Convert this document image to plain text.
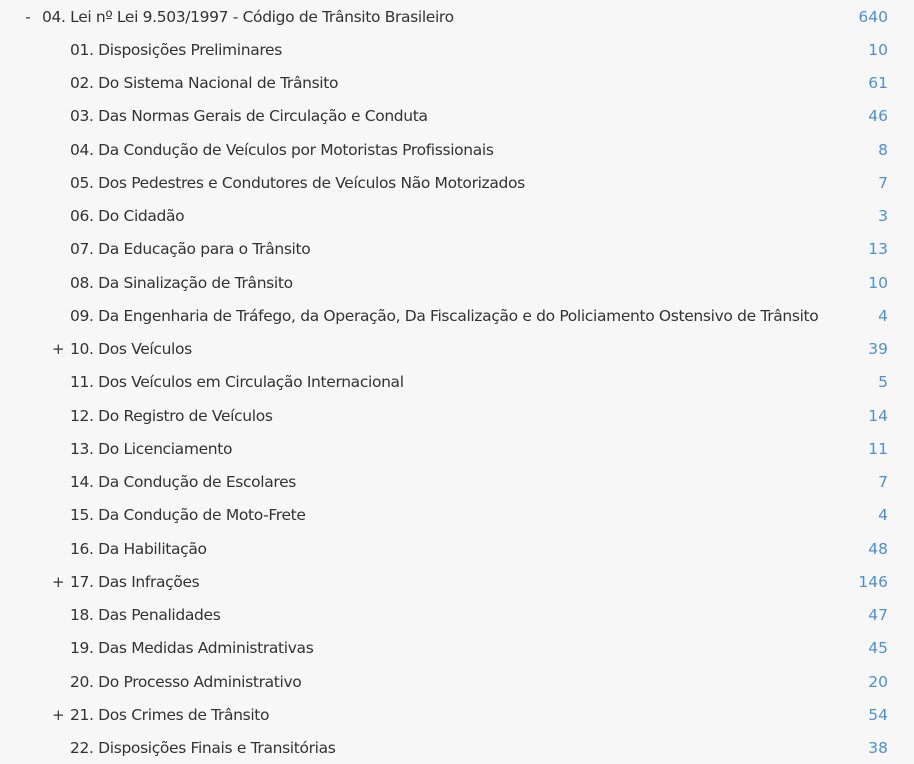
- 04. Lei nº Lei 9.503/1997 - Código de Trânsito Brasileiro	640
01. Disposições Preliminares	10
02. Do Sistema Nacional de Trânsito	61
03. Das Normas Gerais de Circulação e Conduta	46
04. Da Condução de Veículos por Motoristas Profissionais	8
05. Dos Pedestres e Condutores de Veículos Não Motorizados	7
06. Do Cidadão	3
07. Da Educação para o Trânsito	13
08. Da Sinalização de Trânsito	10
09. Da Engenharia de Tráfego, da Operação, Da Fiscalização e do Policiamento Ostensivo de Trânsito	4
+ 10. Dos Veículos	39
11. Dos Veículos em Circulação Internacional	5
12. Do Registro de Veículos	14
13. Do Licenciamento	11
14. Da Condução de Escolares	7
15. Da Condução de Moto-Frete	4
16. Da Habilitação	48
+ 17. Das Infrações	146
18. Das Penalidades	47
19. Das Medidas Administrativas	45
20. Do Processo Administrativo	20
+ 21. Dos Crimes de Trânsito	54
22. Disposições Finais e Transitórias	38
